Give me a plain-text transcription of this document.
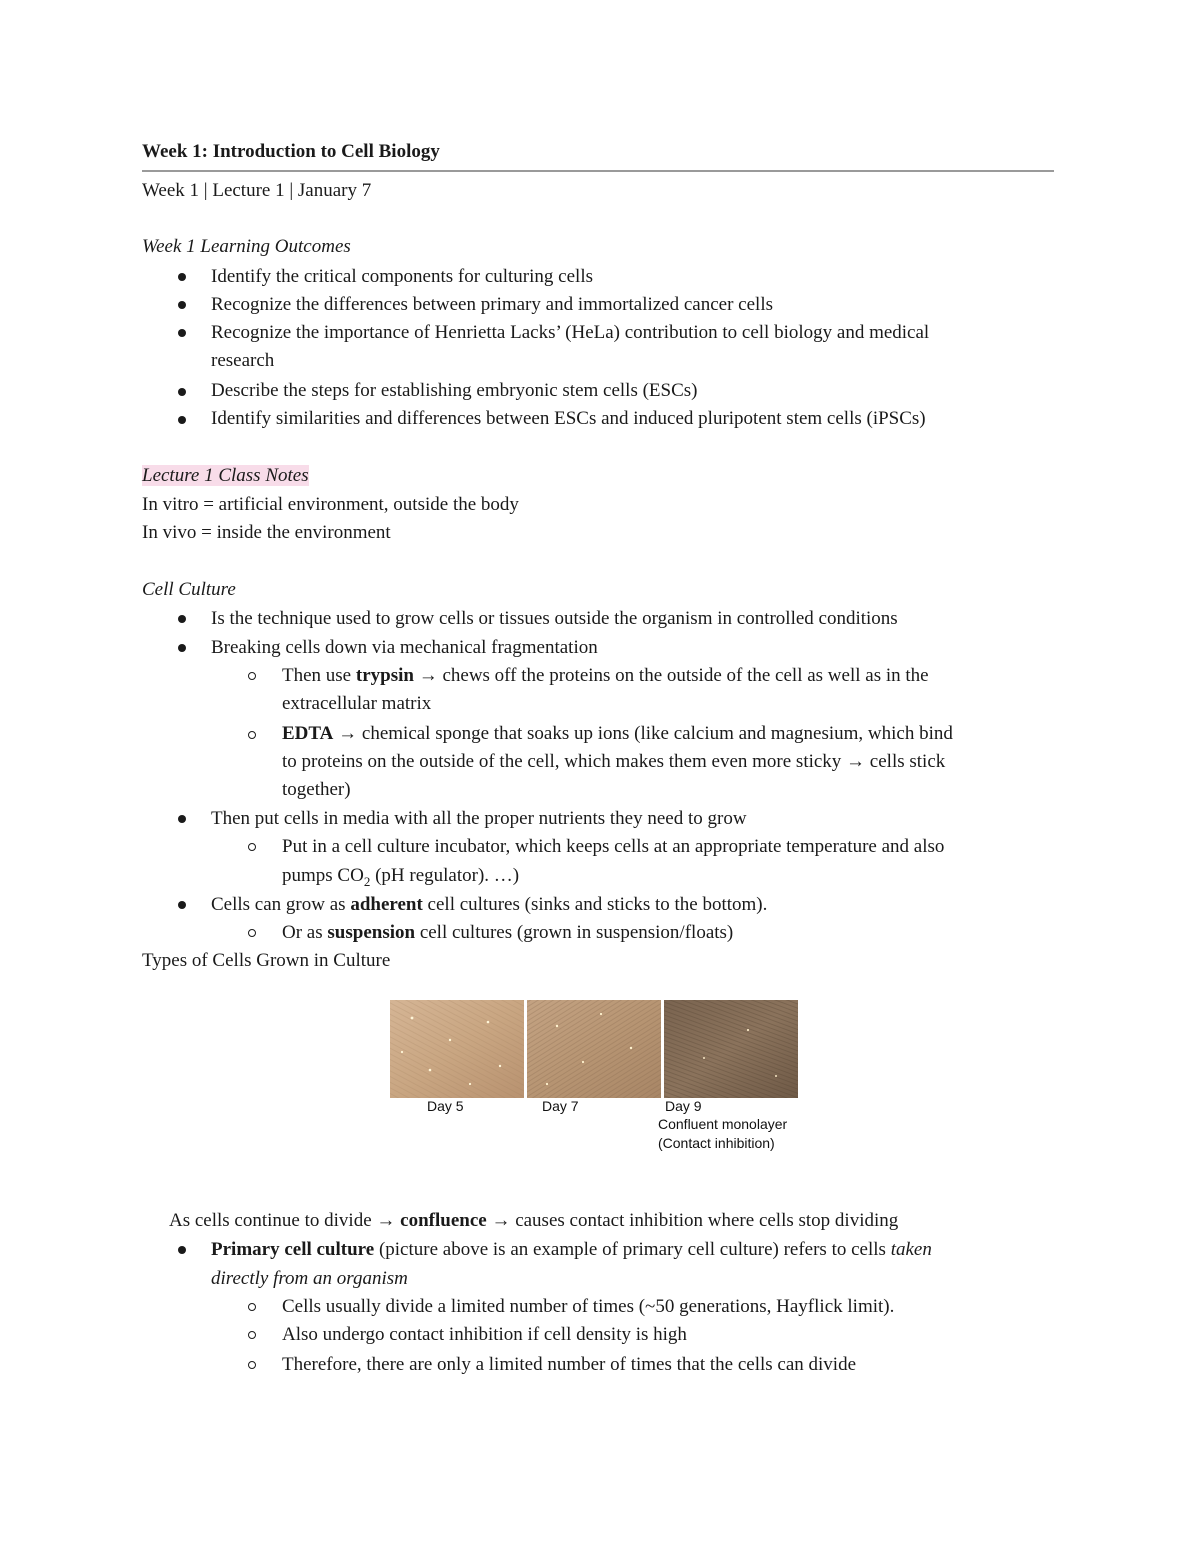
Week 1: Introduction to Cell Biology
Week 1 | Lecture 1 | January 7
Week 1 Learning Outcomes
Identify the critical components for culturing cells
Recognize the differences between primary and immortalized cancer cells
Recognize the importance of Henrietta Lacks’ (HeLa) contribution to cell biology and medical
research
Describe the steps for establishing embryonic stem cells (ESCs)
Identify similarities and differences between ESCs and induced pluripotent stem cells (iPSCs)
Lecture 1 Class Notes
In vitro = artificial environment, outside the body
In vivo = inside the environment
Cell Culture
Is the technique used to grow cells or tissues outside the organism in controlled conditions
Breaking cells down via mechanical fragmentation
Then use trypsin → chews off the proteins on the outside of the cell as well as in the
extracellular matrix
EDTA → chemical sponge that soaks up ions (like calcium and magnesium, which bind
to proteins on the outside of the cell, which makes them even more sticky → cells stick
together)
Then put cells in media with all the proper nutrients they need to grow
Put in a cell culture incubator, which keeps cells at an appropriate temperature and also
pumps $CO_2$ (pH regulator). …)
Cells can grow as adherent cell cultures (sinks and sticks to the bottom).
Or as suspension cell cultures (grown in suspension/floats)
Types of Cells Grown in Culture
Day 5	Day 7	Day 9
Confluent monolayer
(Contact inhibition)
As cells continue to divide → confluence → causes contact inhibition where cells stop dividing
Primary cell culture (picture above is an example of primary cell culture) refers to cells taken
directly from an organism
Cells usually divide a limited number of times (~50 generations, Hayflick limit).
Also undergo contact inhibition if cell density is high
Therefore, there are only a limited number of times that the cells can divide
